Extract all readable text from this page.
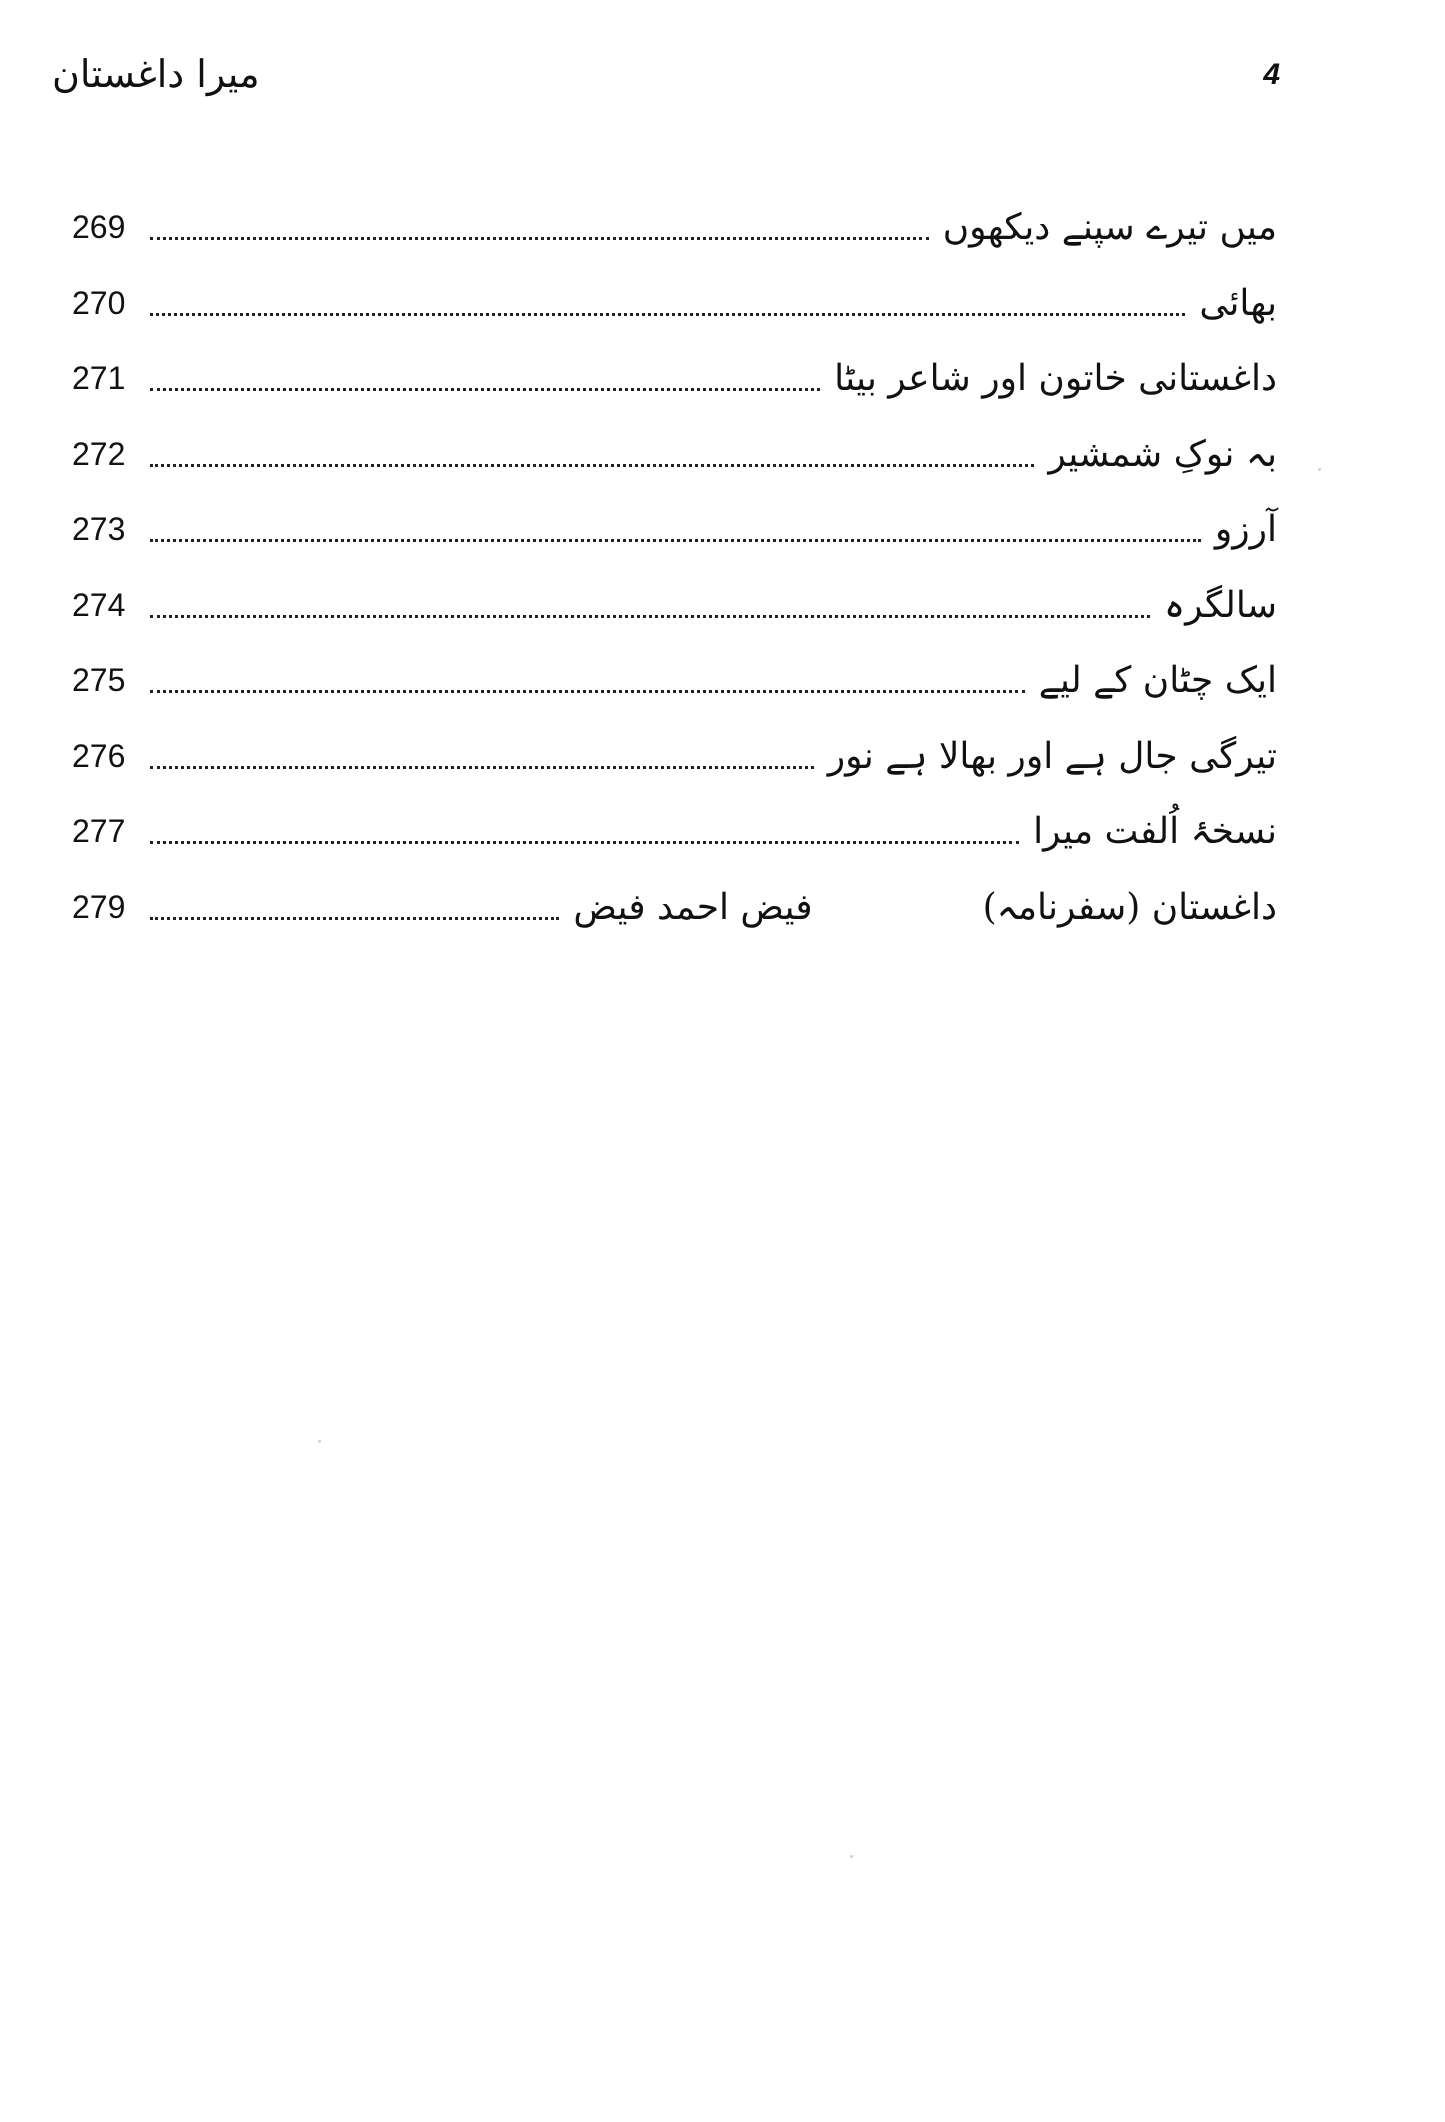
میرا داغستان	4
میں تیرے سپنے دیکھوں
269
بھائی
270
داغستانی خاتون اور شاعر بیٹا
271
بہ نوکِ شمشیر
272
آرزو
273
سالگرہ
274
ایک چٹان کے لیے
275
تیرگی جال ہے اور بھالا ہے نور
276
نسخۂ اُلفت میرا
277
داغستان (سفرنامہ)
فیض احمد فیض
279
